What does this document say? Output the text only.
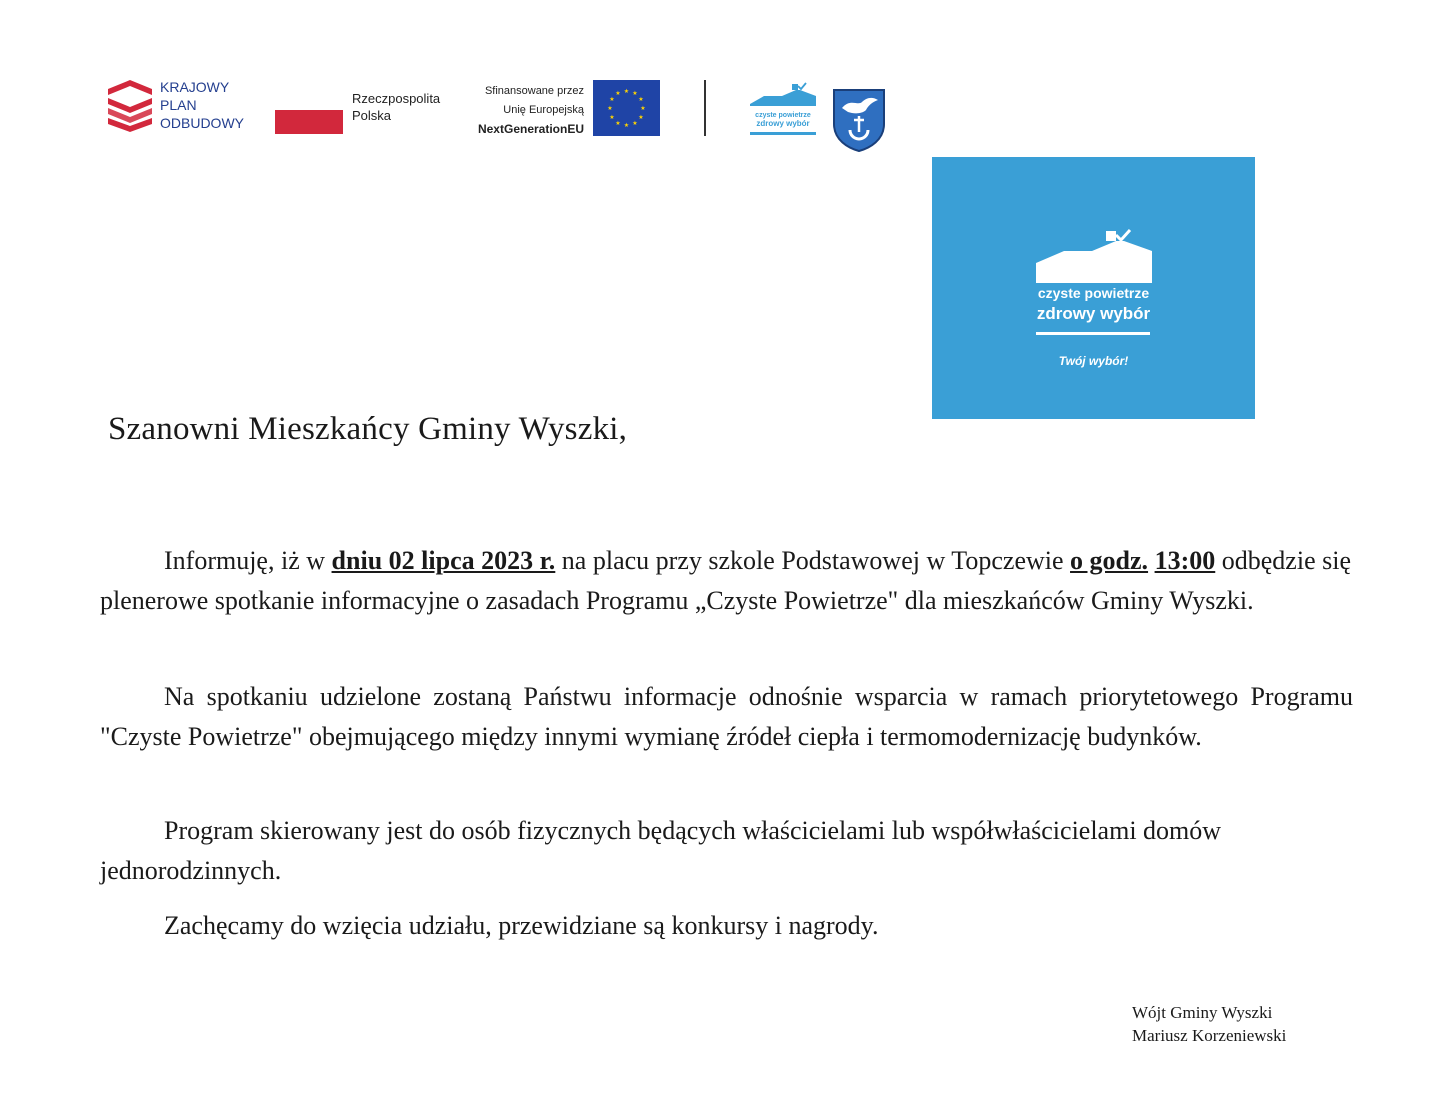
KRAJOWY
PLAN
ODBUDOWY
Rzeczpospolita
Polska
Sfinansowane przez
Unię Europejską
NextGenerationEU
★ ★
★
★
★
★
★
★
★
★
★
★
czyste powietrze
zdrowy wybór
czyste powietrze
zdrowy wybór
Twój wybór!
Szanowni Mieszkańcy Gminy Wyszki,
Informuję, iż w dniu 02 lipca 2023 r. na placu przy szkole Podstawowej w Topczewie o godz. 13:00 odbędzie się plenerowe spotkanie informacyjne o zasadach Programu „Czyste Powietrze" dla mieszkańców Gminy Wyszki.
Na spotkaniu udzielone zostaną Państwu informacje odnośnie wsparcia w ramach priorytetowego Programu "Czyste Powietrze" obejmującego między innymi wymianę źródeł ciepła i termomodernizację budynków.
Program skierowany jest do osób fizycznych będących właścicielami lub współwłaścicielami domów jednorodzinnych.
Zachęcamy do wzięcia udziału, przewidziane są konkursy i nagrody.
Wójt Gminy Wyszki
Mariusz Korzeniewski
